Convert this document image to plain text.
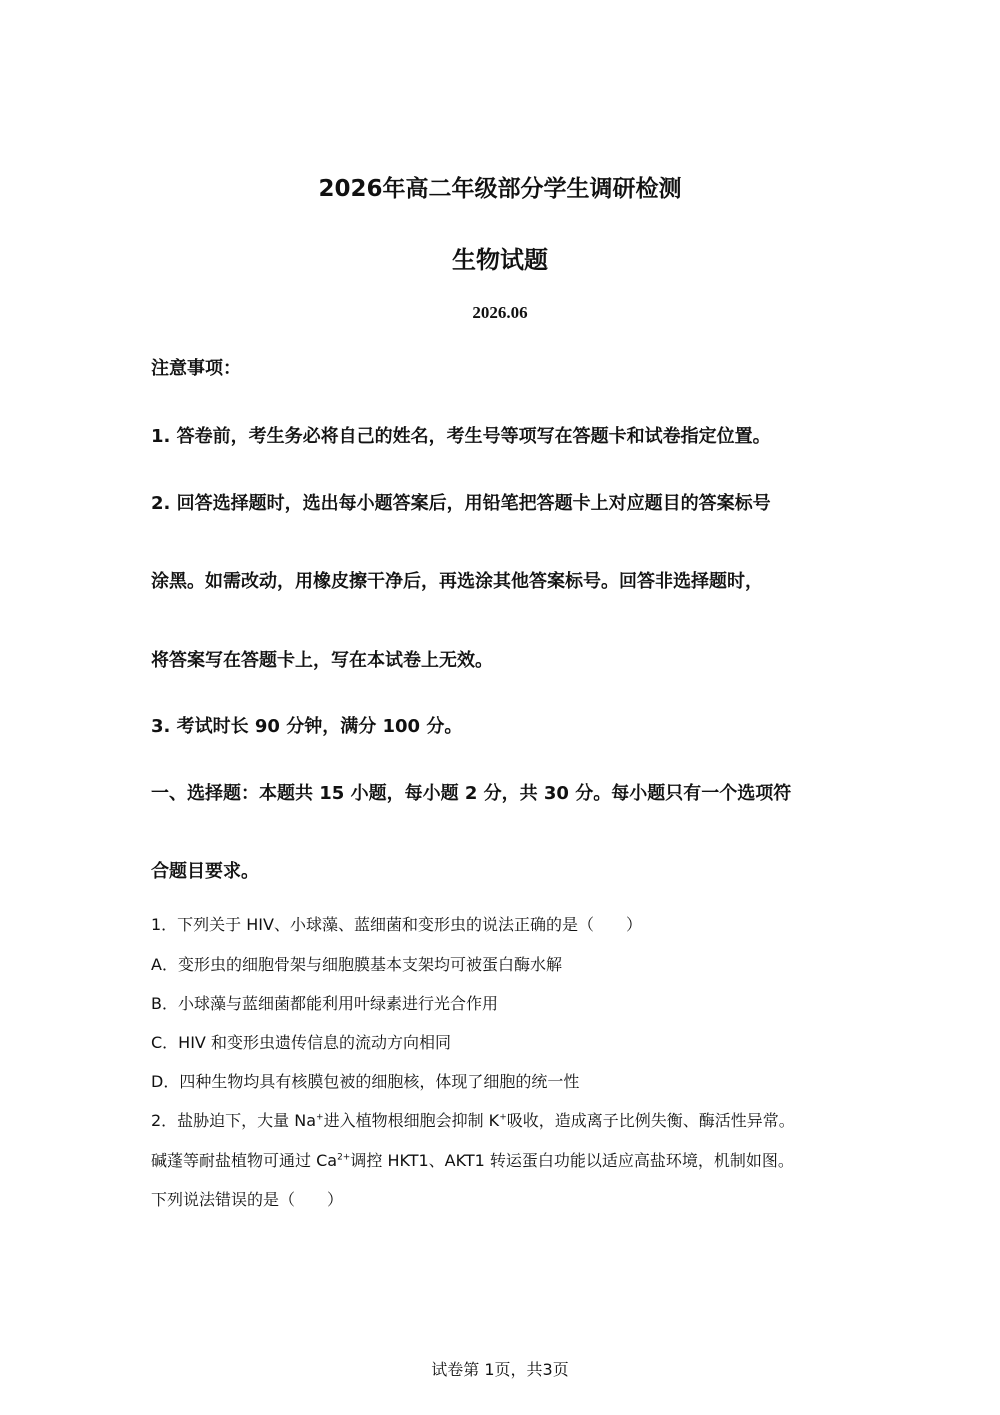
2026年高二年级部分学生调研检测
生物试题
2026.06
注意事项：
1. 答卷前，考生务必将自己的姓名，考生号等项写在答题卡和试卷指定位置。
2. 回答选择题时，选出每小题答案后，用铅笔把答题卡上对应题目的答案标号
涂黑。如需改动，用橡皮擦干净后，再选涂其他答案标号。回答非选择题时，
将答案写在答题卡上，写在本试卷上无效。
3. 考试时长 90 分钟，满分 100 分。
一、选择题：本题共 15 小题，每小题 2 分，共 30 分。每小题只有一个选项符
合题目要求。
1．下列关于 HIV、小球藻、蓝细菌和变形虫的说法正确的是（　　）
A．变形虫的细胞骨架与细胞膜基本支架均可被蛋白酶水解
B．小球藻与蓝细菌都能利用叶绿素进行光合作用
C．HIV 和变形虫遗传信息的流动方向相同
D．四种生物均具有核膜包被的细胞核，体现了细胞的统一性
2．盐胁迫下，大量 Na+进入植物根细胞会抑制 K+吸收，造成离子比例失衡、酶活性异常。
碱蓬等耐盐植物可通过 $Ca^{2+}$调控 HKT1、AKT1 转运蛋白功能以适应高盐环境，机制如图。
下列说法错误的是（　　）
试卷第 1页，共3页
